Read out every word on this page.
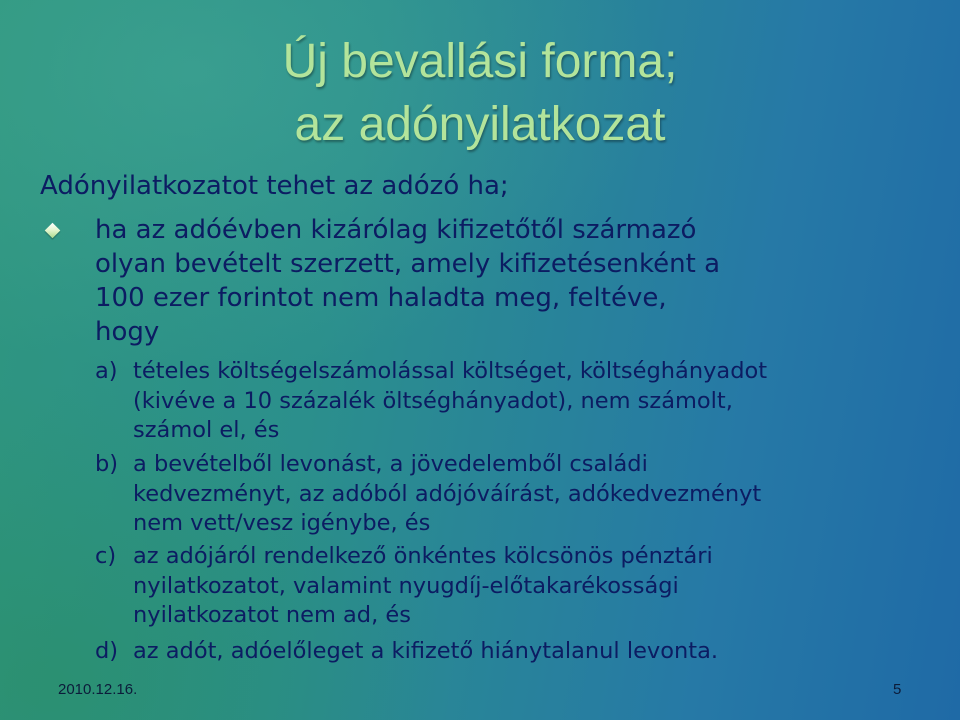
Új bevallási forma;
az adónyilatkozat
Adónyilatkozatot tehet az adózó ha;
ha az adóévben kizárólag kifizetőtől származó
olyan bevételt szerzett, amely kifizetésenként a
100 ezer forintot nem haladta meg, feltéve,
hogy
a) tételes költségelszámolással költséget, költséghányadot
(kivéve a 10 százalék öltséghányadot), nem számolt,
számol el, és
b) a bevételből levonást, a jövedelemből családi
kedvezményt, az adóból adójóváírást, adókedvezményt
nem vett/vesz igénybe, és
c) az adójáról rendelkező önkéntes kölcsönös pénztári
nyilatkozatot, valamint nyugdíj-előtakarékossági
nyilatkozatot nem ad, és
d) az adót, adóelőleget a kifizető hiánytalanul levonta.
2010.12.16.	5
